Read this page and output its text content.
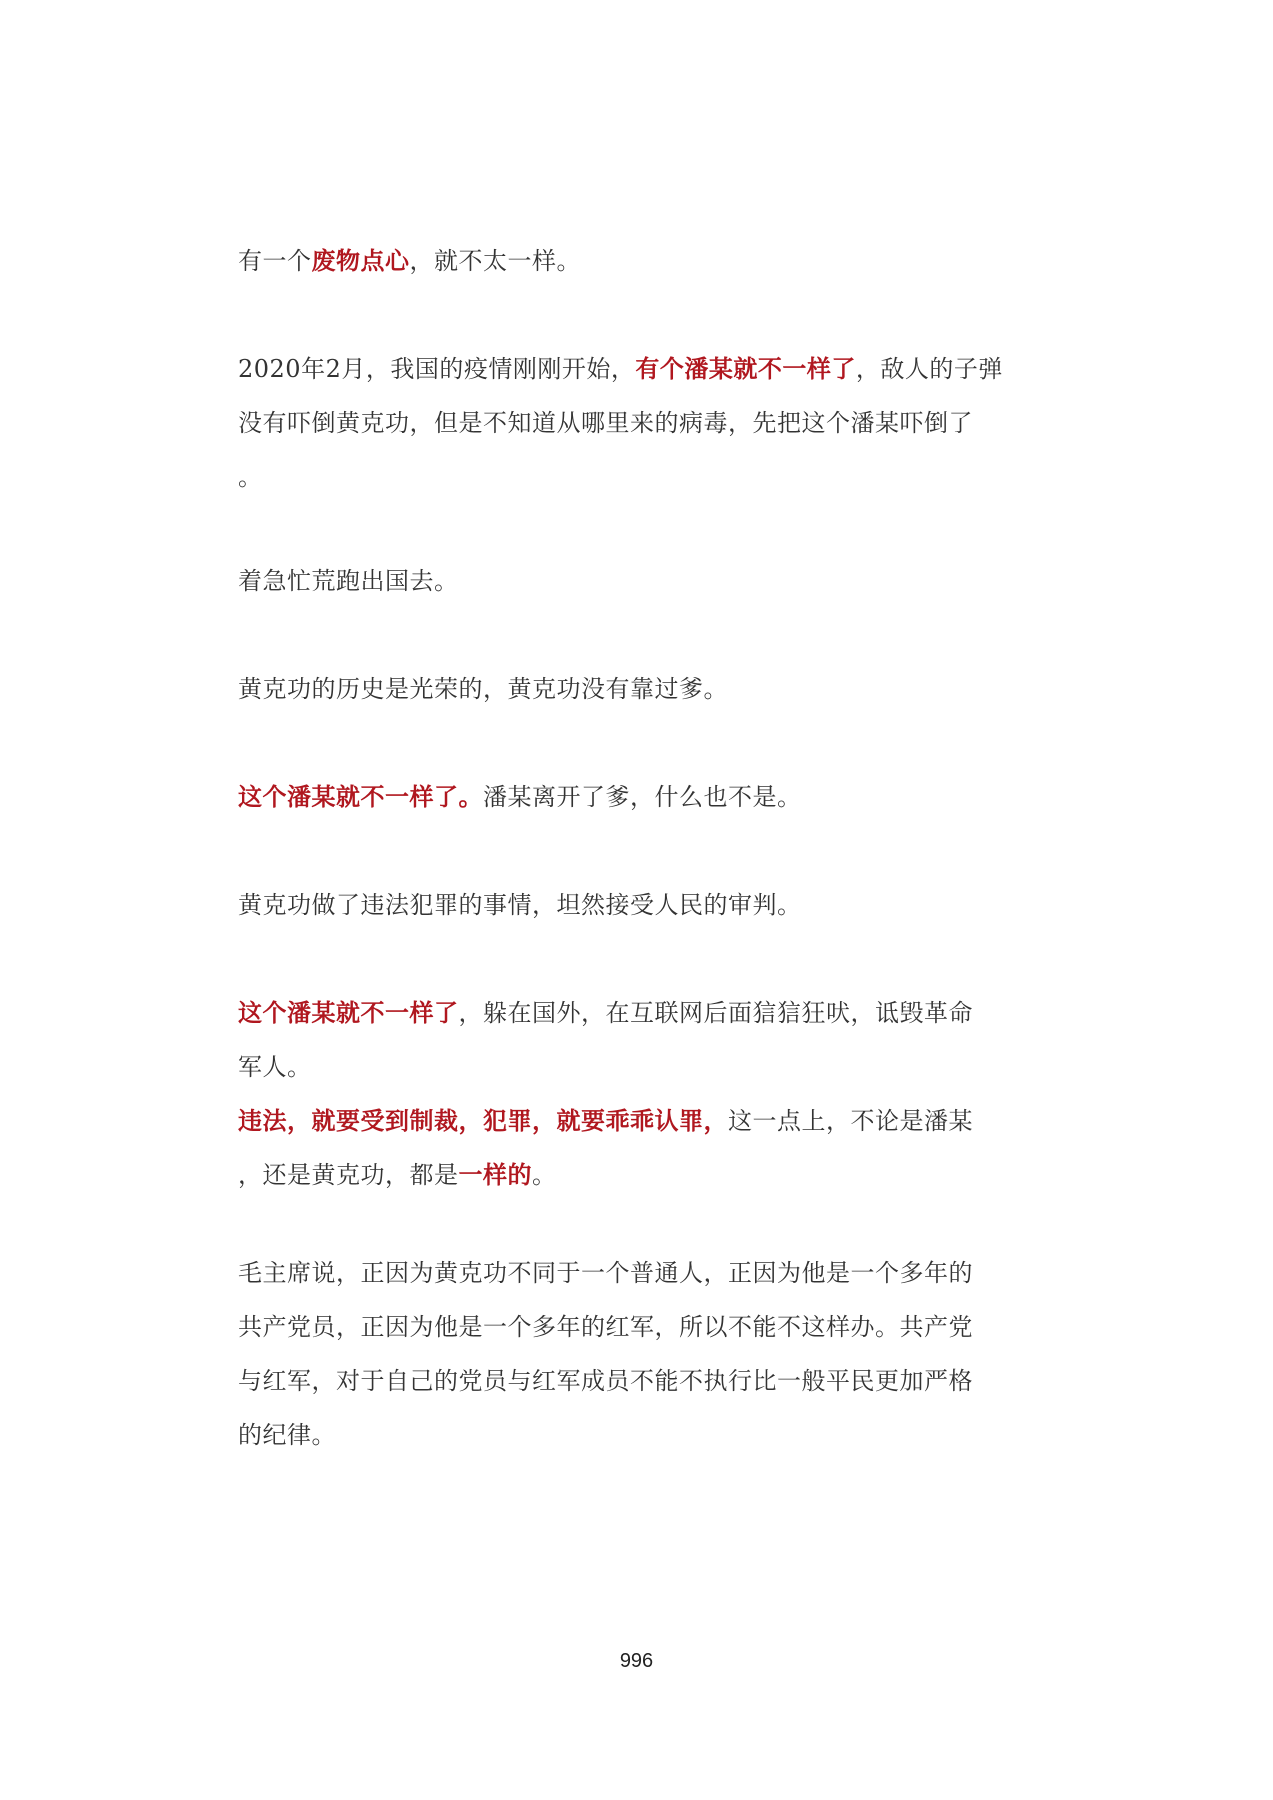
有一个废物点心，就不太一样。
2020年2月，我国的疫情刚刚开始，有个潘某就不一样了，敌人的子弹
没有吓倒黄克功，但是不知道从哪里来的病毒，先把这个潘某吓倒了
。
着急忙荒跑出国去。
黄克功的历史是光荣的，黄克功没有靠过爹。
这个潘某就不一样了。潘某离开了爹，什么也不是。
黄克功做了违法犯罪的事情，坦然接受人民的审判。
这个潘某就不一样了，躲在国外，在互联网后面狺狺狂吠，诋毁革命
军人。
违法，就要受到制裁，犯罪，就要乖乖认罪，这一点上，不论是潘某
，还是黄克功，都是一样的。
毛主席说，正因为黄克功不同于一个普通人，正因为他是一个多年的
共产党员，正因为他是一个多年的红军，所以不能不这样办。共产党
与红军，对于自己的党员与红军成员不能不执行比一般平民更加严格
的纪律。
996
